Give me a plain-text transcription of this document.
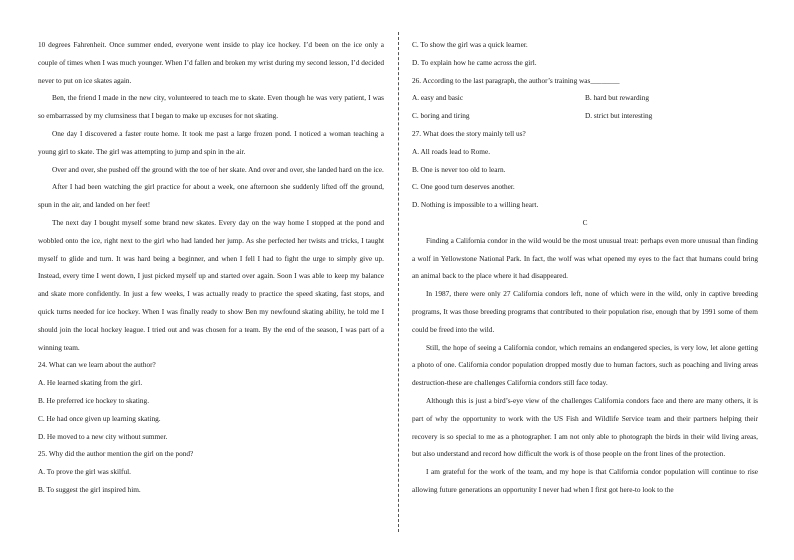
10 degrees Fahrenheit. Once summer ended, everyone went inside to play ice hockey. I’d been on the ice only a couple of times when I was much younger. When I’d fallen and broken my wrist during my second lesson, I’d decided never to put on ice skates again.

Ben, the friend I made in the new city, volunteered to teach me to skate. Even though he was very patient, I was so embarrassed by my clumsiness that I began to make up excuses for not skating.

One day I discovered a faster route home. It took me past a large frozen pond. I noticed a woman teaching a young girl to skate. The girl was attempting to jump and spin in the air.

Over and over, she pushed off the ground with the toe of her skate. And over and over, she landed hard on the ice.

After I had been watching the girl practice for about a week, one afternoon she suddenly lifted off the ground, spun in the air, and landed on her feet!

The next day I bought myself some brand new skates. Every day on the way home I stopped at the pond and wobbled onto the ice, right next to the girl who had landed her jump. As she perfected her twists and tricks, I taught myself to glide and turn. It was hard being a beginner, and when I fell I had to fight the urge to simply give up. Instead, every time I went down, I just picked myself up and started over again. Soon I was able to keep my balance and skate more confidently. In just a few weeks, I was actually ready to practice the speed skating, fast stops, and quick turns needed for ice hockey. When I was finally ready to show Ben my newfound skating ability, he told me I should join the local hockey league. I tried out and was chosen for a team. By the end of the season, I was part of a winning team.

24. What can we learn about the author?

A. He learned skating from the girl.

B. He preferred ice hockey to skating.

C. He had once given up learning skating.

D. He moved to a new city without summer.

25. Why did the author mention the girl on the pond?

A. To prove the girl was skilful.

B. To suggest the girl inspired him.

C. To show the girl was a quick learner.

D. To explain how he came across the girl.

26. According to the last paragraph, the author’s training was________

A. easy and basic	B. hard but rewarding

C. boring and tiring	D. strict but interesting

27. What does the story mainly tell us?

A. All roads lead to Rome.

B. One is never too old to learn.

C. One good turn deserves another.

D. Nothing is impossible to a willing heart.

C

Finding a California condor in the wild would be the most unusual treat: perhaps even more unusual than finding a wolf in Yellowstone National Park. In fact, the wolf was what opened my eyes to the fact that humans could bring an animal back to the place where it had disappeared.

In 1987, there were only 27 California condors left, none of which were in the wild, only in captive breeding programs, It was those breeding programs that contributed to their population rise, enough that by 1991 some of them could be freed into the wild.

Still, the hope of seeing a California condor, which remains an endangered species, is very low, let alone getting a photo of one. California condor population dropped mostly due to human factors, such as poaching and living areas destruction-these are challenges California condors still face today.

Although this is just a bird’s-eye view of the challenges California condors face and there are many others, it is part of why the opportunity to work with the US Fish and Wildlife Service team and their partners helping their recovery is so special to me as a photographer. I am not only able to photograph the birds in their wild living areas, but also understand and record how difficult the work is of those people on the front lines of the protection.

I am grateful for the work of the team, and my hope is that California condor population will continue to rise allowing future generations an opportunity I never had when I first got here-to look to the
